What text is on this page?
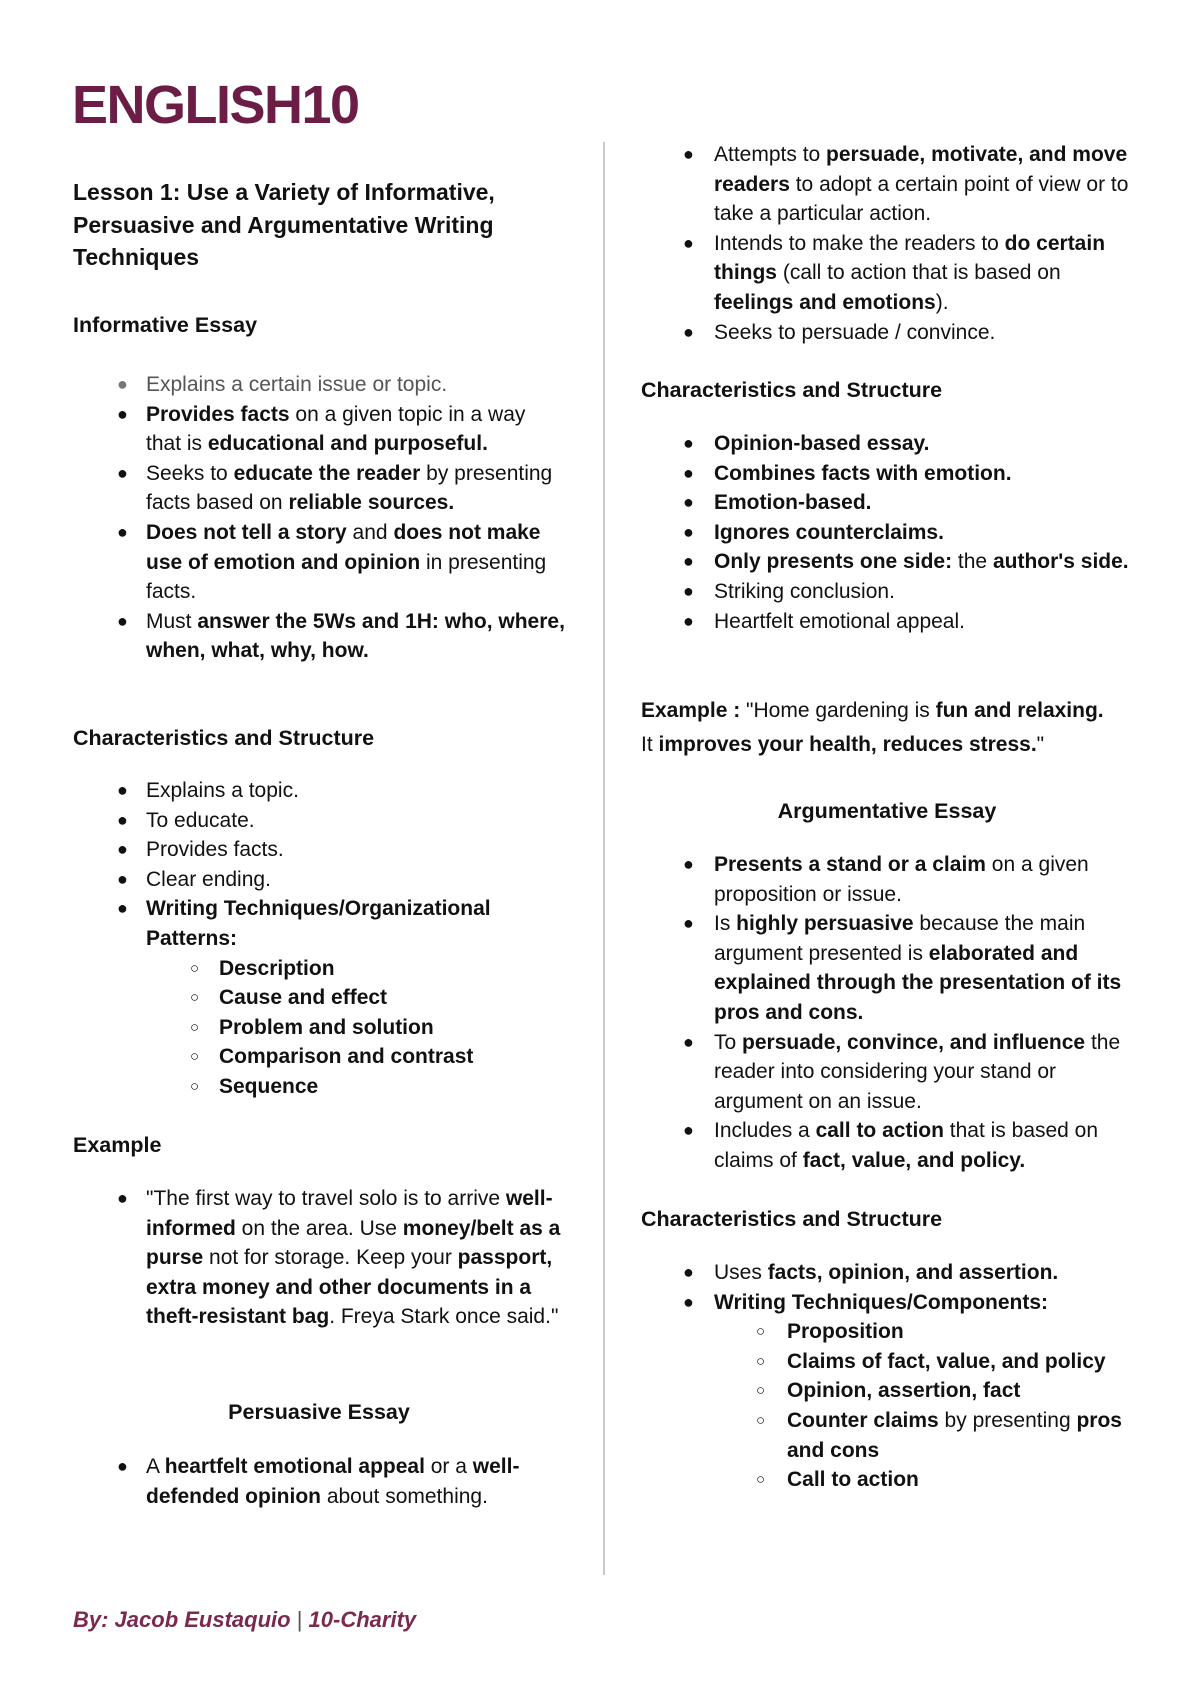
ENGLISH10
Lesson 1: Use a Variety of Informative, Persuasive and Argumentative Writing Techniques
Informative Essay
● Explains a certain issue or topic.
● Provides facts on a given topic in a way that is educational and purposeful.
● Seeks to educate the reader by presenting facts based on reliable sources.
● Does not tell a story and does not make use of emotion and opinion in presenting facts.
● Must answer the 5Ws and 1H: who, where, when, what, why, how.
Characteristics and Structure
● Explains a topic.
● To educate.
● Provides facts.
● Clear ending.
● Writing Techniques/Organizational Patterns:
○ Description
○ Cause and effect
○ Problem and solution
○ Comparison and contrast
○ Sequence
Example
● "The first way to travel solo is to arrive well-informed on the area. Use money/belt as a purse not for storage. Keep your passport, extra money and other documents in a theft-resistant bag. Freya Stark once said."
Persuasive Essay
● A heartfelt emotional appeal or a well-defended opinion about something.
● Attempts to persuade, motivate, and move readers to adopt a certain point of view or to take a particular action.
● Intends to make the readers to do certain things (call to action that is based on feelings and emotions).
● Seeks to persuade / convince.
Characteristics and Structure
● Opinion-based essay.
● Combines facts with emotion.
● Emotion-based.
● Ignores counterclaims.
● Only presents one side: the author's side.
● Striking conclusion.
● Heartfelt emotional appeal.
Example : "Home gardening is fun and relaxing. It improves your health, reduces stress."
Argumentative Essay
● Presents a stand or a claim on a given proposition or issue.
● Is highly persuasive because the main argument presented is elaborated and explained through the presentation of its pros and cons.
● To persuade, convince, and influence the reader into considering your stand or argument on an issue.
● Includes a call to action that is based on claims of fact, value, and policy.
Characteristics and Structure
● Uses facts, opinion, and assertion.
● Writing Techniques/Components:
○ Proposition
○ Claims of fact, value, and policy
○ Opinion, assertion, fact
○ Counter claims by presenting pros and cons
○ Call to action
By: Jacob Eustaquio | 10-Charity
